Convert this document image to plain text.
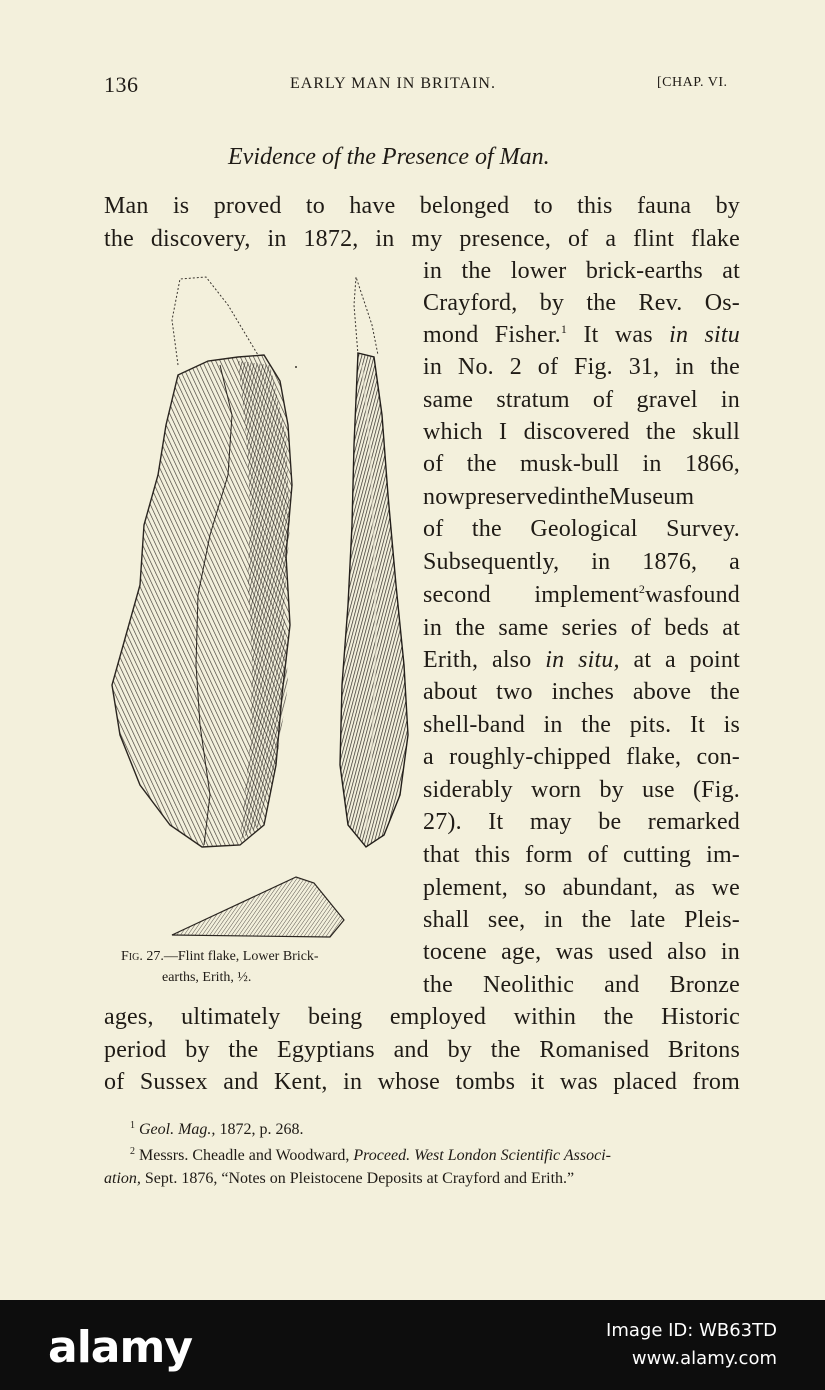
136	EARLY MAN IN BRITAIN.	[CHAP. VI.
Evidence of the Presence of Man.
Man is proved to have belonged to this fauna by
the discovery, in 1872, in my presence, of a flint flake
in the lower brick-earths at
Crayford, by the Rev. Os-
mond Fisher.$^1$ It was in situ
in No. 2 of Fig. 31, in the
same stratum of gravel in
which I discovered the skull
of the musk-bull in 1866,
nowpreservedintheMuseum
of the Geological Survey.
Subsequently, in 1876, a
second implement$^2$wasfound
in the same series of beds at
Erith, also in situ, at a point
about two inches above the
shell-band in the pits. It is
a roughly-chipped flake, con-
siderably worn by use (Fig.
27). It may be remarked
that this form of cutting im-
plement, so abundant, as we
shall see, in the late Pleis-
tocene age, was used also in
the Neolithic and Bronze
ages, ultimately being employed within the Historic
period by the Egyptians and by the Romanised Britons
of Sussex and Kent, in whose tombs it was placed from
Fig. 27.—Flint flake, Lower Brick-
earths, Erith, ½.
$^1$ Geol. Mag., 1872, p. 268.
$^2$ Messrs. Cheadle and Woodward, Proceed. West London Scientific Associ-
ation, Sept. 1876, “Notes on Pleistocene Deposits at Crayford and Erith.”
alamy	Image ID: WB63TD
www.alamy.com
